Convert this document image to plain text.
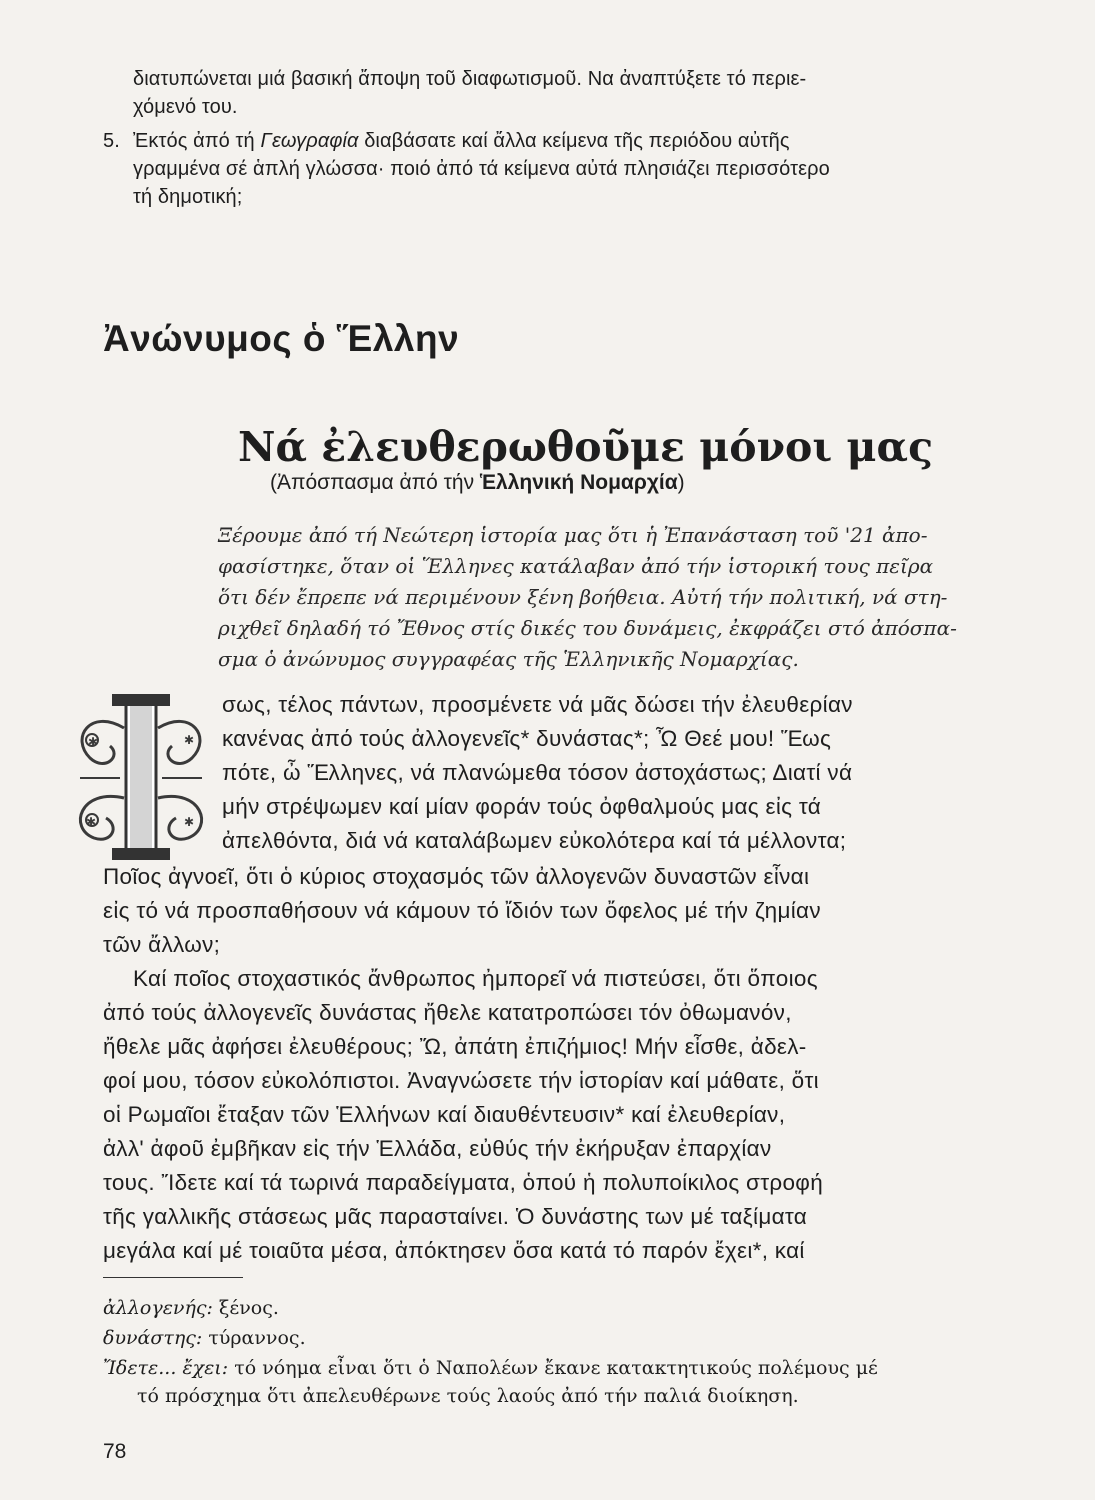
διατυπώνεται μιά βασική ἄποψη τοῦ διαφωτισμοῦ. Να ἀναπτύξετε τό περιε-
χόμενό του.
5. Ἐκτός ἀπό τή Γεωγραφία διαβάσατε καί ἄλλα κείμενα τῆς περιόδου αὐτῆς
γραμμένα σέ ἁπλή γλώσσα· ποιό ἀπό τά κείμενα αὐτά πλησιάζει περισσότερο
τή δημοτική;
Ἀνώνυμος ὁ Ἕλλην
Νά ἐλευθερωθοῦμε μόνοι μας
(Ἀπόσπασμα ἀπό τήν Ἑλληνική Νομαρχία)
Ξέρουμε ἀπό τή Νεώτερη ἱστορία μας ὅτι ἡ Ἐπανάσταση τοῦ '21 ἀπο-
φασίστηκε, ὅταν οἱ Ἕλληνες κατάλαβαν ἀπό τήν ἱστορική τους πεῖρα
ὅτι δέν ἔπρεπε νά περιμένουν ξένη βοήθεια. Αὐτή τήν πολιτική, νά στη-
ριχθεῖ δηλαδή τό Ἔθνος στίς δικές του δυνάμεις, ἐκφράζει στό ἀπόσπα-
σμα ὁ ἀνώνυμος συγγραφέας τῆς Ἑλληνικῆς Νομαρχίας.
✱
✱
✱
✱
σως, τέλος πάντων, προσμένετε νά μᾶς δώσει τήν ἐλευθερίαν
κανένας ἀπό τούς ἀλλογενεῖς* δυνάστας*; Ὦ Θεέ μου! Ἕως
πότε, ὦ Ἕλληνες, νά πλανώμεθα τόσον ἀστοχάστως; Διατί νά
μήν στρέψωμεν καί μίαν φοράν τούς ὀφθαλμούς μας εἰς τά
ἀπελθόντα, διά νά καταλάβωμεν εὐκολότερα καί τά μέλλοντα;
Ποῖος ἀγνοεῖ, ὅτι ὁ κύριος στοχασμός τῶν ἀλλογενῶν δυναστῶν εἶναι
εἰς τό νά προσπαθήσουν νά κάμουν τό ἴδιόν των ὄφελος μέ τήν ζημίαν
τῶν ἄλλων;
Καί ποῖος στοχαστικός ἄνθρωπος ἠμπορεῖ νά πιστεύσει, ὅτι ὅποιος
ἀπό τούς ἀλλογενεῖς δυνάστας ἤθελε κατατροπώσει τόν ὀθωμανόν,
ἤθελε μᾶς ἀφήσει ἐλευθέρους; Ὤ, ἀπάτη ἐπιζήμιος! Μήν εἶσθε, ἀδελ-
φοί μου, τόσον εὐκολόπιστοι. Ἀναγνώσετε τήν ἱστορίαν καί μάθατε, ὅτι
οἱ Ρωμαῖοι ἔταξαν τῶν Ἑλλήνων καί διαυθέντευσιν* καί ἐλευθερίαν,
ἀλλ' ἀφοῦ ἐμβῆκαν εἰς τήν Ἑλλάδα, εὐθύς τήν ἐκήρυξαν ἐπαρχίαν
τους. Ἴδετε καί τά τωρινά παραδείγματα, ὁπού ἡ πολυποίκιλος στροφή
τῆς γαλλικῆς στάσεως μᾶς παρασταίνει. Ὁ δυνάστης των μέ ταξίματα
μεγάλα καί μέ τοιαῦτα μέσα, ἀπόκτησεν ὅσα κατά τό παρόν ἔχει*, καί
ἀλλογενής: ξένος.
δυνάστης: τύραννος.
Ἴδετε... ἔχει: τό νόημα εἶναι ὅτι ὁ Ναπολέων ἔκανε κατακτητικούς πολέμους μέ
τό πρόσχημα ὅτι ἀπελευθέρωνε τούς λαούς ἀπό τήν παλιά διοίκηση.
78
